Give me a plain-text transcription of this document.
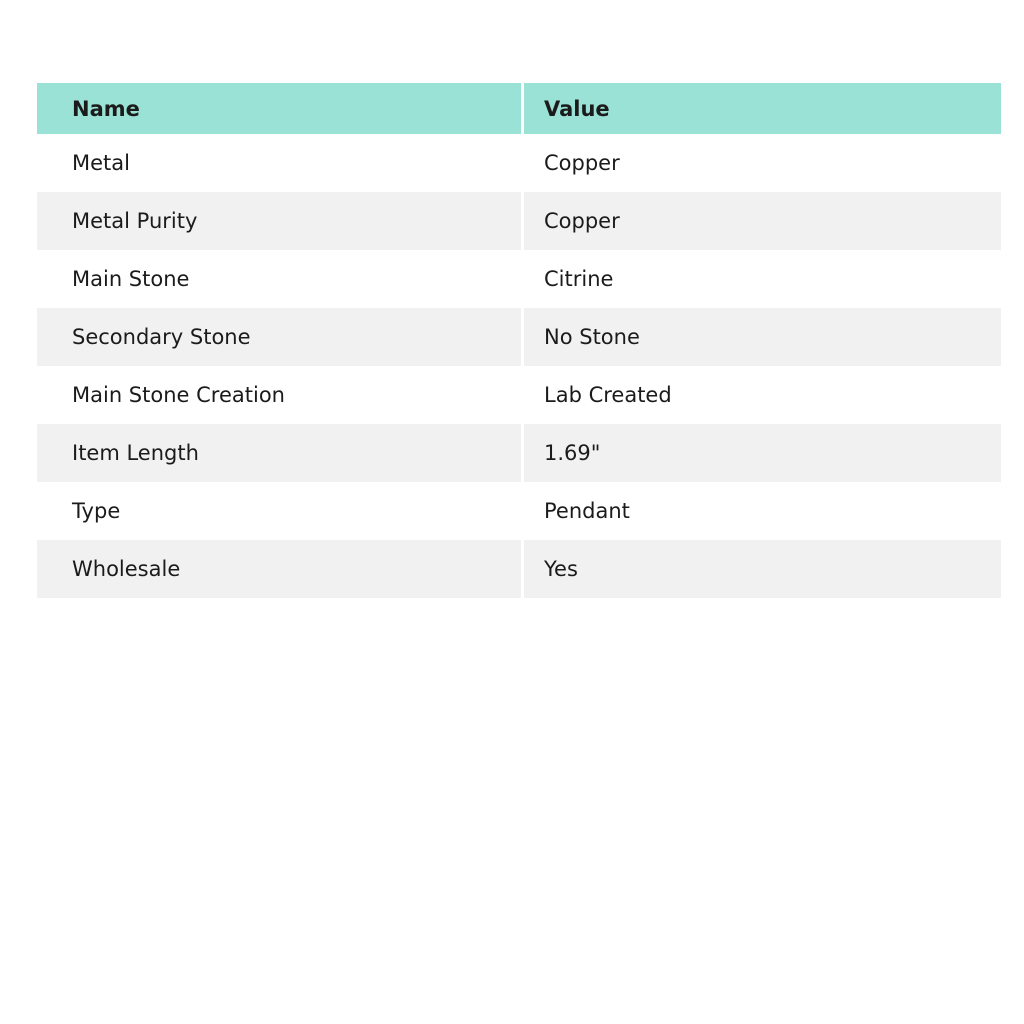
Name	Value
Metal	Copper
Metal Purity	Copper
Main Stone	Citrine
Secondary Stone	No Stone
Main Stone Creation	Lab Created
Item Length	1.69"
Type	Pendant
Wholesale	Yes
